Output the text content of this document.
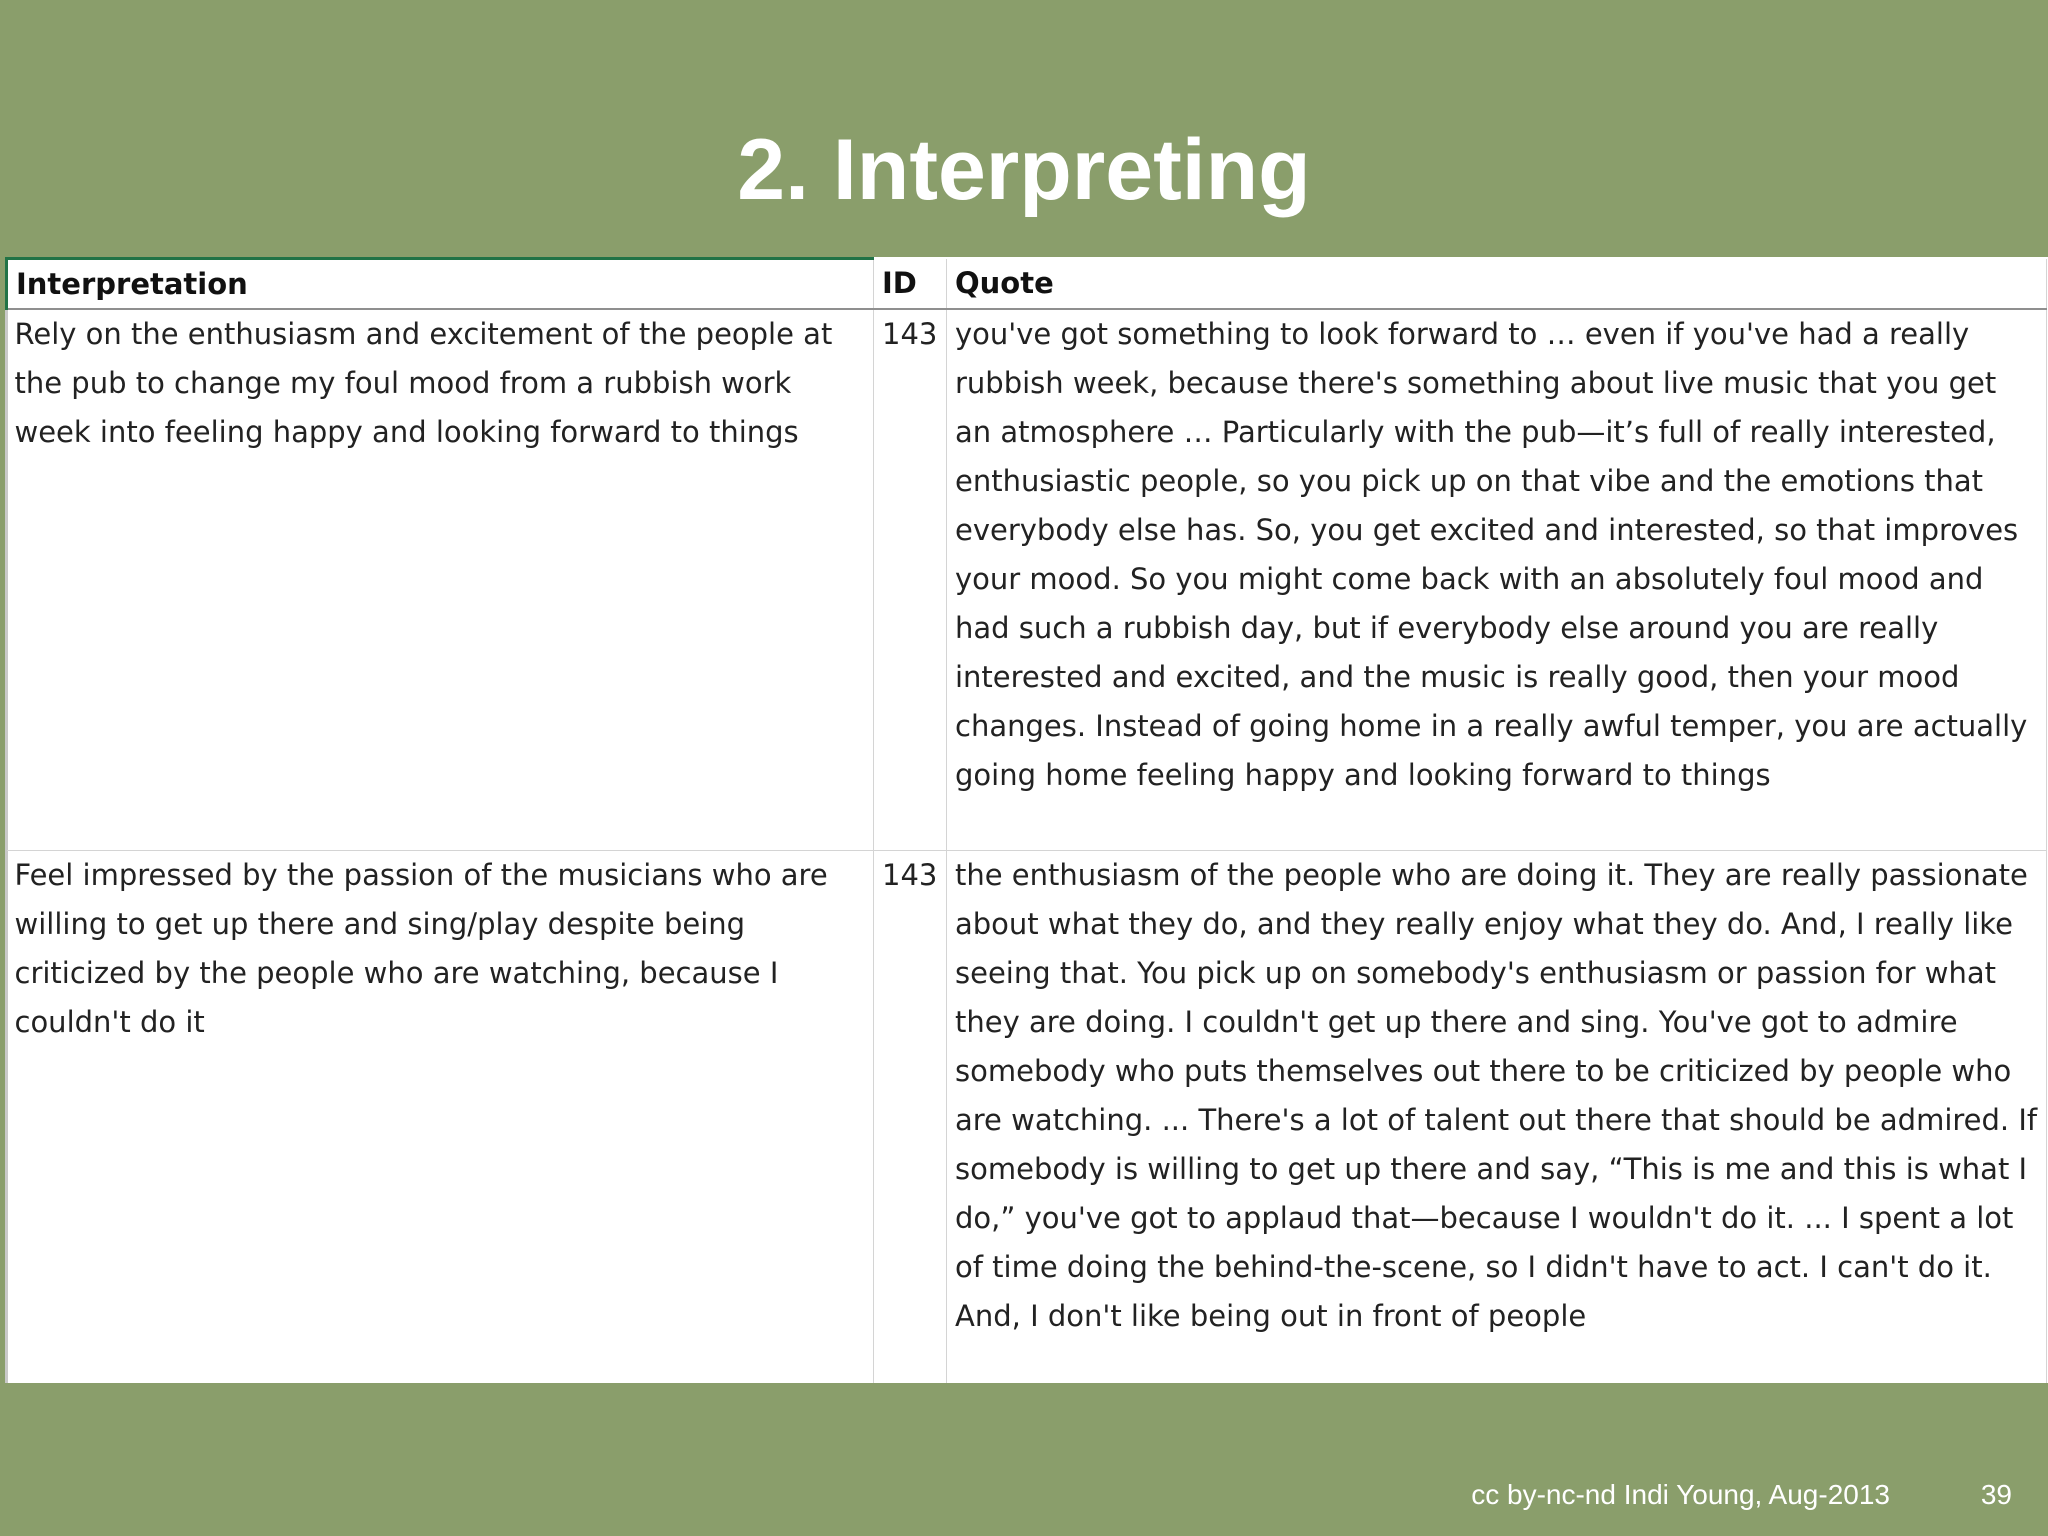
2. Interpreting
Interpretation	ID	Quote
Rely on the enthusiasm and excitement of the people at the pub to change my foul mood from a rubbish work week into feeling happy and looking forward to things	143	you've got something to look forward to … even if you've had a really rubbish week, because there's something about live music that you get an atmosphere … Particularly with the pub—it’s full of really interested, enthusiastic people, so you pick up on that vibe and the emotions that everybody else has. So, you get excited and interested, so that improves your mood. So you might come back with an absolutely foul mood and had such a rubbish day, but if everybody else around you are really interested and excited, and the music is really good, then your mood changes. Instead of going home in a really awful temper, you are actually going home feeling happy and looking forward to things
Feel impressed by the passion of the musicians who are willing to get up there and sing/play despite being criticized by the people who are watching, because I couldn't do it	143	the enthusiasm of the people who are doing it. They are really passionate about what they do, and they really enjoy what they do. And, I really like seeing that. You pick up on somebody's enthusiasm or passion for what they are doing. I couldn't get up there and sing. You've got to admire somebody who puts themselves out there to be criticized by people who are watching. ... There's a lot of talent out there that should be admired. If somebody is willing to get up there and say, “This is me and this is what I do,” you've got to applaud that—because I wouldn't do it. ... I spent a lot of time doing the behind-the-scene, so I didn't have to act. I can't do it. And, I don't like being out in front of people
cc by-nc-nd Indi Young, Aug-2013	39
